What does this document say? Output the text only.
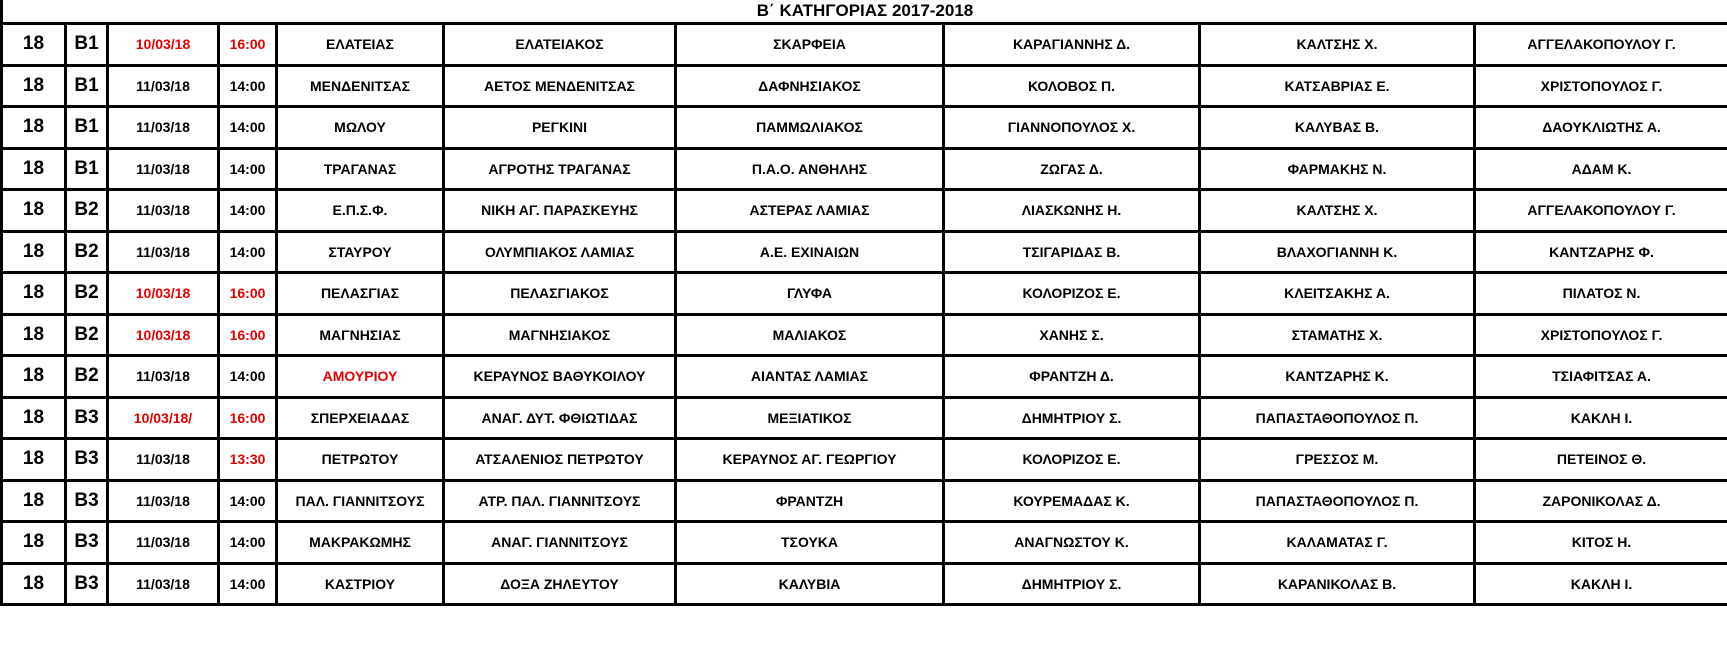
Β΄ ΚΑΤΗΓΟΡΙΑΣ 2017-2018									
18	Β1	10/03/18	16:00	ΕΛΑΤΕΙΑΣ	ΕΛΑΤΕΙΑΚΟΣ	ΣΚΑΡΦΕΙΑ	ΚΑΡΑΓΙΑΝΝΗΣ Δ.	ΚΑΛΤΣΗΣ Χ.	ΑΓΓΕΛΑΚΟΠΟΥΛΟΥ Γ.
18	Β1	11/03/18	14:00	ΜΕΝΔΕΝΙΤΣΑΣ	ΑΕΤΟΣ ΜΕΝΔΕΝΙΤΣΑΣ	ΔΑΦΝΗΣΙΑΚΟΣ	ΚΟΛΟΒΟΣ Π.	ΚΑΤΣΑΒΡΙΑΣ Ε.	ΧΡΙΣΤΟΠΟΥΛΟΣ Γ.
18	Β1	11/03/18	14:00	ΜΩΛΟΥ	ΡΕΓΚΙΝΙ	ΠΑΜΜΩΛΙΑΚΟΣ	ΓΙΑΝΝΟΠΟΥΛΟΣ Χ.	ΚΑΛΥΒΑΣ Β.	ΔΑΟΥΚΛΙΩΤΗΣ Α.
18	Β1	11/03/18	14:00	ΤΡΑΓΑΝΑΣ	ΑΓΡΟΤΗΣ ΤΡΑΓΑΝΑΣ	Π.Α.Ο. ΑΝΘΗΛΗΣ	ΖΩΓΑΣ Δ.	ΦΑΡΜΑΚΗΣ Ν.	ΑΔΑΜ Κ.
18	Β2	11/03/18	14:00	Ε.Π.Σ.Φ.	ΝΙΚΗ ΑΓ. ΠΑΡΑΣΚΕΥΗΣ	ΑΣΤΕΡΑΣ ΛΑΜΙΑΣ	ΛΙΑΣΚΩΝΗΣ Η.	ΚΑΛΤΣΗΣ Χ.	ΑΓΓΕΛΑΚΟΠΟΥΛΟΥ Γ.
18	Β2	11/03/18	14:00	ΣΤΑΥΡΟΥ	ΟΛΥΜΠΙΑΚΟΣ ΛΑΜΙΑΣ	Α.Ε. ΕΧΙΝΑΙΩΝ	ΤΣΙΓΑΡΙΔΑΣ Β.	ΒΛΑΧΟΓΙΑΝΝΗ Κ.	ΚΑΝΤΖΑΡΗΣ Φ.
18	Β2	10/03/18	16:00	ΠΕΛΑΣΓΙΑΣ	ΠΕΛΑΣΓΙΑΚΟΣ	ΓΛΥΦΑ	ΚΟΛΟΡΙΖΟΣ Ε.	ΚΛΕΙΤΣΑΚΗΣ Α.	ΠΙΛΑΤΟΣ Ν.
18	Β2	10/03/18	16:00	ΜΑΓΝΗΣΙΑΣ	ΜΑΓΝΗΣΙΑΚΟΣ	ΜΑΛΙΑΚΟΣ	ΧΑΝΗΣ Σ.	ΣΤΑΜΑΤΗΣ Χ.	ΧΡΙΣΤΟΠΟΥΛΟΣ Γ.
18	Β2	11/03/18	14:00	ΑΜΟΥΡΙΟΥ	ΚΕΡΑΥΝΟΣ ΒΑΘΥΚΟΙΛΟΥ	ΑΙΑΝΤΑΣ ΛΑΜΙΑΣ	ΦΡΑΝΤΖΗ Δ.	ΚΑΝΤΖΑΡΗΣ Κ.	ΤΣΙΑΦΙΤΣΑΣ Α.
18	Β3	10/03/18/	16:00	ΣΠΕΡΧΕΙΑΔΑΣ	ΑΝΑΓ. ΔΥΤ. ΦΘΙΩΤΙΔΑΣ	ΜΕΞΙΑΤΙΚΟΣ	ΔΗΜΗΤΡΙΟΥ Σ.	ΠΑΠΑΣΤΑΘΟΠΟΥΛΟΣ Π.	ΚΑΚΛΗ Ι.
18	Β3	11/03/18	13:30	ΠΕΤΡΩΤΟΥ	ΑΤΣΑΛΕΝΙΟΣ ΠΕΤΡΩΤΟΥ	ΚΕΡΑΥΝΟΣ ΑΓ. ΓΕΩΡΓΙΟΥ	ΚΟΛΟΡΙΖΟΣ Ε.	ΓΡΕΣΣΟΣ Μ.	ΠΕΤΕΙΝΟΣ Θ.
18	Β3	11/03/18	14:00	ΠΑΛ. ΓΙΑΝΝΙΤΣΟΥΣ	ΑΤΡ. ΠΑΛ. ΓΙΑΝΝΙΤΣΟΥΣ	ΦΡΑΝΤΖΗ	ΚΟΥΡΕΜΑΔΑΣ Κ.	ΠΑΠΑΣΤΑΘΟΠΟΥΛΟΣ Π.	ΖΑΡΟΝΙΚΟΛΑΣ Δ.
18	Β3	11/03/18	14:00	ΜΑΚΡΑΚΩΜΗΣ	ΑΝΑΓ. ΓΙΑΝΝΙΤΣΟΥΣ	ΤΣΟΥΚΑ	ΑΝΑΓΝΩΣΤΟΥ Κ.	ΚΑΛΑΜΑΤΑΣ Γ.	ΚΙΤΟΣ Η.
18	Β3	11/03/18	14:00	ΚΑΣΤΡΙΟΥ	ΔΟΞΑ ΖΗΛΕΥΤΟΥ	ΚΑΛΥΒΙΑ	ΔΗΜΗΤΡΙΟΥ Σ.	ΚΑΡΑΝΙΚΟΛΑΣ Β.	ΚΑΚΛΗ Ι.
